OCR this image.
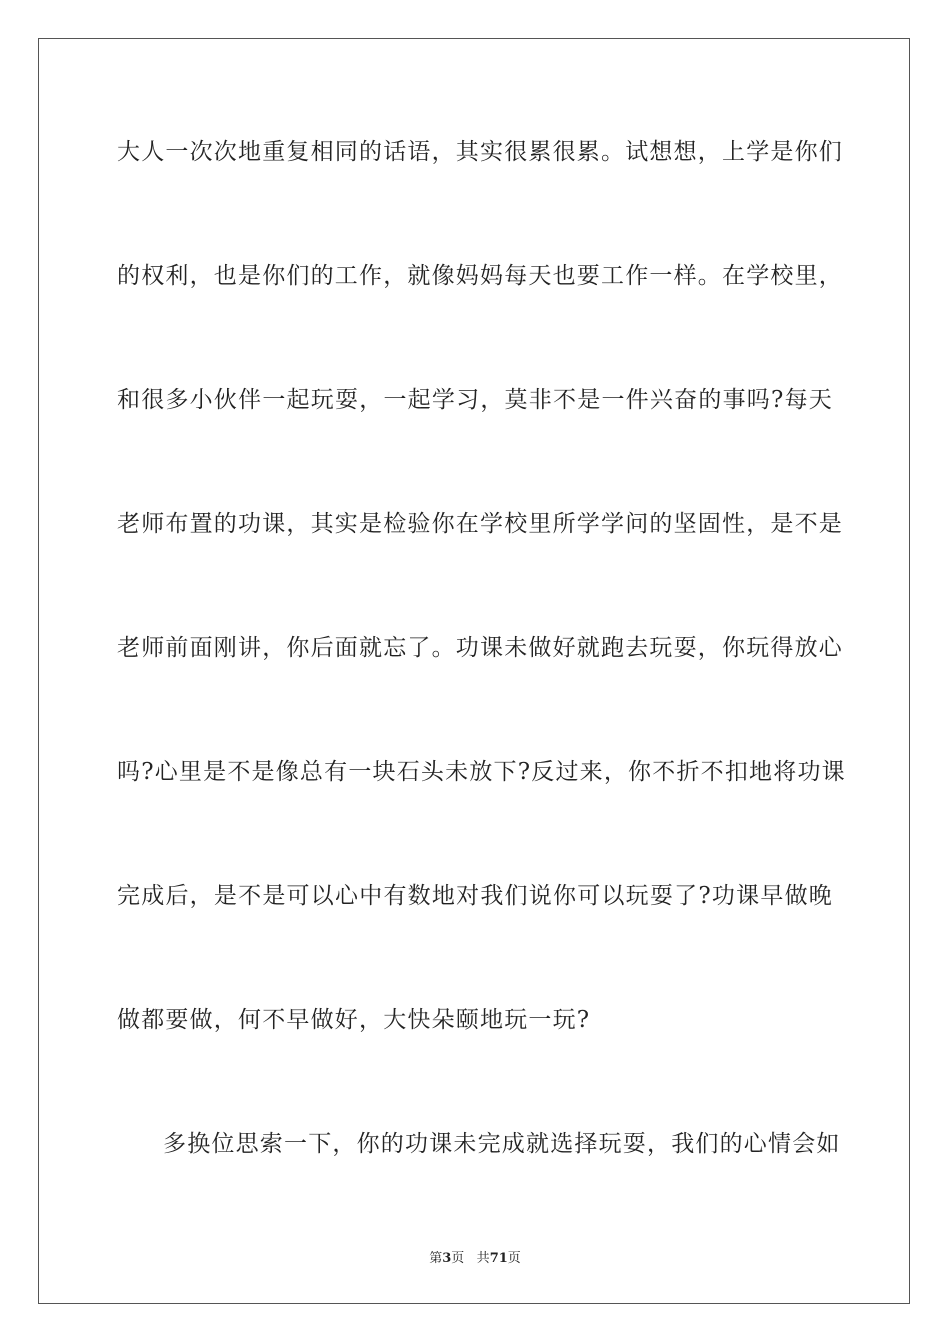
大人一次次地重复相同的话语，其实很累很累。试想想，上学是你们
的权利，也是你们的工作，就像妈妈每天也要工作一样。在学校里，
和很多小伙伴一起玩耍，一起学习，莫非不是一件兴奋的事吗?每天
老师布置的功课，其实是检验你在学校里所学学问的坚固性，是不是
老师前面刚讲，你后面就忘了。功课未做好就跑去玩耍，你玩得放心
吗?心里是不是像总有一块石头未放下?反过来，你不折不扣地将功课
完成后，是不是可以心中有数地对我们说你可以玩耍了?功课早做晚
做都要做，何不早做好，大快朵颐地玩一玩?
多换位思索一下，你的功课未完成就选择玩耍，我们的心情会如
第3页 共71页
